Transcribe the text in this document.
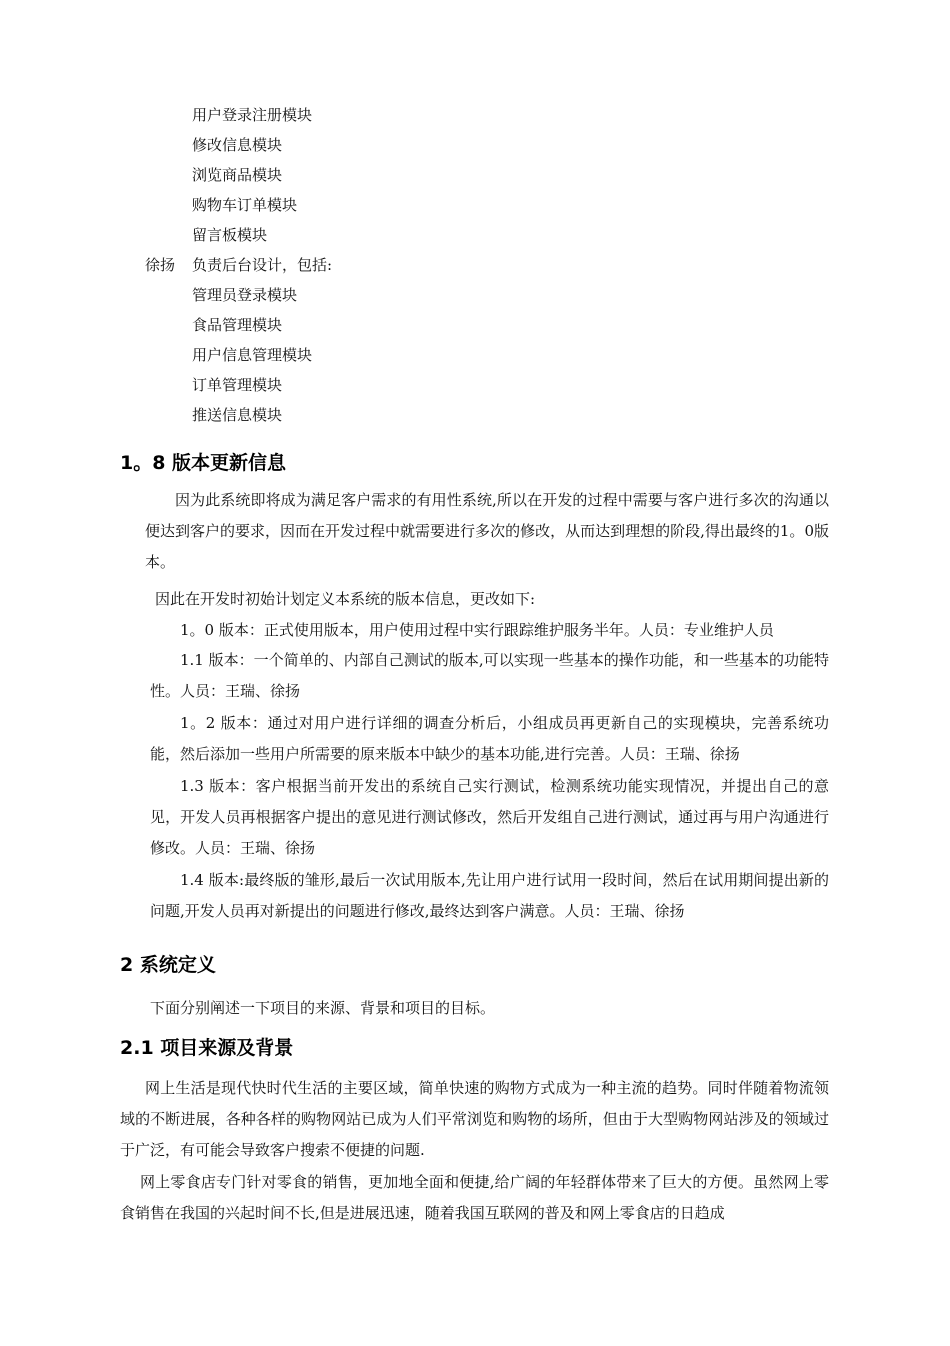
用户登录注册模块
修改信息模块
浏览商品模块
购物车订单模块
留言板模块
徐扬 负责后台设计，包括:
管理员登录模块
食品管理模块
用户信息管理模块
订单管理模块
推送信息模块
1。8 版本更新信息
因为此系统即将成为满足客户需求的有用性系统,所以在开发的过程中需要与客户进行多次的沟通以便达到客户的要求，因而在开发过程中就需要进行多次的修改，从而达到理想的阶段,得出最终的1。0版本。
因此在开发时初始计划定义本系统的版本信息，更改如下:
1。0 版本：正式使用版本，用户使用过程中实行跟踪维护服务半年。人员：专业维护人员
1.1 版本：一个简单的、内部自己测试的版本,可以实现一些基本的操作功能，和一些基本的功能特性。人员：王瑞、徐扬
1。2 版本：通过对用户进行详细的调查分析后，小组成员再更新自己的实现模块，完善系统功能，然后添加一些用户所需要的原来版本中缺少的基本功能,进行完善。人员：王瑞、徐扬
1.3 版本：客户根据当前开发出的系统自己实行测试，检测系统功能实现情况，并提出自己的意见，开发人员再根据客户提出的意见进行测试修改，然后开发组自己进行测试，通过再与用户沟通进行修改。人员：王瑞、徐扬
1.4 版本:最终版的雏形,最后一次试用版本,先让用户进行试用一段时间，然后在试用期间提出新的问题,开发人员再对新提出的问题进行修改,最终达到客户满意。人员：王瑞、徐扬
2 系统定义
下面分别阐述一下项目的来源、背景和项目的目标。
2.1 项目来源及背景
网上生活是现代快时代生活的主要区域，简单快速的购物方式成为一种主流的趋势。同时伴随着物流领域的不断进展，各种各样的购物网站已成为人们平常浏览和购物的场所，但由于大型购物网站涉及的领域过于广泛，有可能会导致客户搜索不便捷的问题.
网上零食店专门针对零食的销售，更加地全面和便捷,给广阔的年轻群体带来了巨大的方便。虽然网上零食销售在我国的兴起时间不长,但是进展迅速，随着我国互联网的普及和网上零食店的日趋成
